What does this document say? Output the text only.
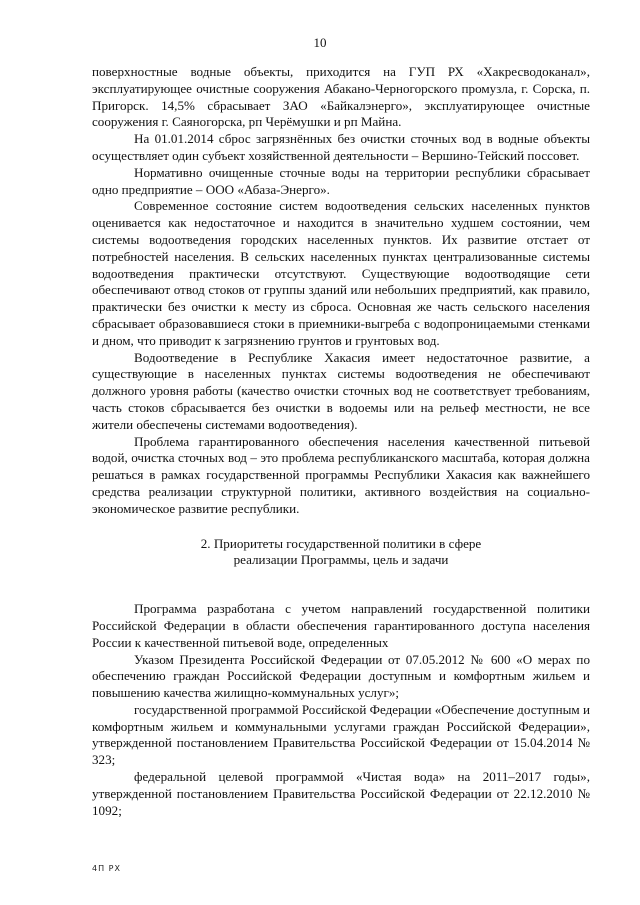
10

поверхностные водные объекты, приходится на ГУП РХ «Хакресводоканал», эксплуатирующее очистные сооружения Абакано-Черногорского промузла, г. Сорска, п. Пригорск. 14,5% сбрасывает ЗАО «Байкалэнерго», эксплуатирующее очистные сооружения г. Саяногорска, рп Черёмушки и рп Майна.

На 01.01.2014 сброс загрязнённых без очистки сточных вод в водные объекты осуществляет один субъект хозяйственной деятельности – Вершино-Тейский поссовет.

Нормативно очищенные сточные воды на территории республики сбрасывает одно предприятие – ООО «Абаза-Энерго».

Современное состояние систем водоотведения сельских населенных пунктов оценивается как недостаточное и находится в значительно худшем состоянии, чем системы водоотведения городских населенных пунктов. Их развитие отстает от потребностей населения. В сельских населенных пунктах централизованные системы водоотведения практически отсутствуют. Существующие водоотводящие сети обеспечивают отвод стоков от группы зданий или небольших предприятий, как правило, практически без очистки к месту из сброса. Основная же часть сельского населения сбрасывает образовавшиеся стоки в приемники-выгреба с водопроницаемыми стенками и дном, что приводит к загрязнению грунтов и грунтовых вод.

Водоотведение в Республике Хакасия имеет недостаточное развитие, а существующие в населенных пунктах системы водоотведения не обеспечивают должного уровня работы (качество очистки сточных вод не соответствует требованиям, часть стоков сбрасывается без очистки в водоемы или на рельеф местности, не все жители обеспечены системами водоотведения).

Проблема гарантированного обеспечения населения качественной питьевой водой, очистка сточных вод – это проблема республиканского масштаба, которая должна решаться в рамках государственной программы Республики Хакасия как важнейшего средства реализации структурной политики, активного воздействия на социально-экономическое развитие республики.

2. Приоритеты государственной политики в сфере
реализации Программы, цель и задачи

Программа разработана с учетом направлений государственной политики Российской Федерации в области обеспечения гарантированного доступа населения России к качественной питьевой воде, определенных

Указом Президента Российской Федерации от 07.05.2012 № 600 «О мерах по обеспечению граждан Российской Федерации доступным и комфортным жильем и повышению качества жилищно-коммунальных услуг»;

государственной программой Российской Федерации «Обеспечение доступным и комфортным жильем и коммунальными услугами граждан Российской Федерации», утвержденной постановлением Правительства Российской Федерации от 15.04.2014 № 323;

федеральной целевой программой «Чистая вода» на 2011–2017 годы», утвержденной постановлением Правительства Российской Федерации от 22.12.2010 № 1092;

4П РХ
